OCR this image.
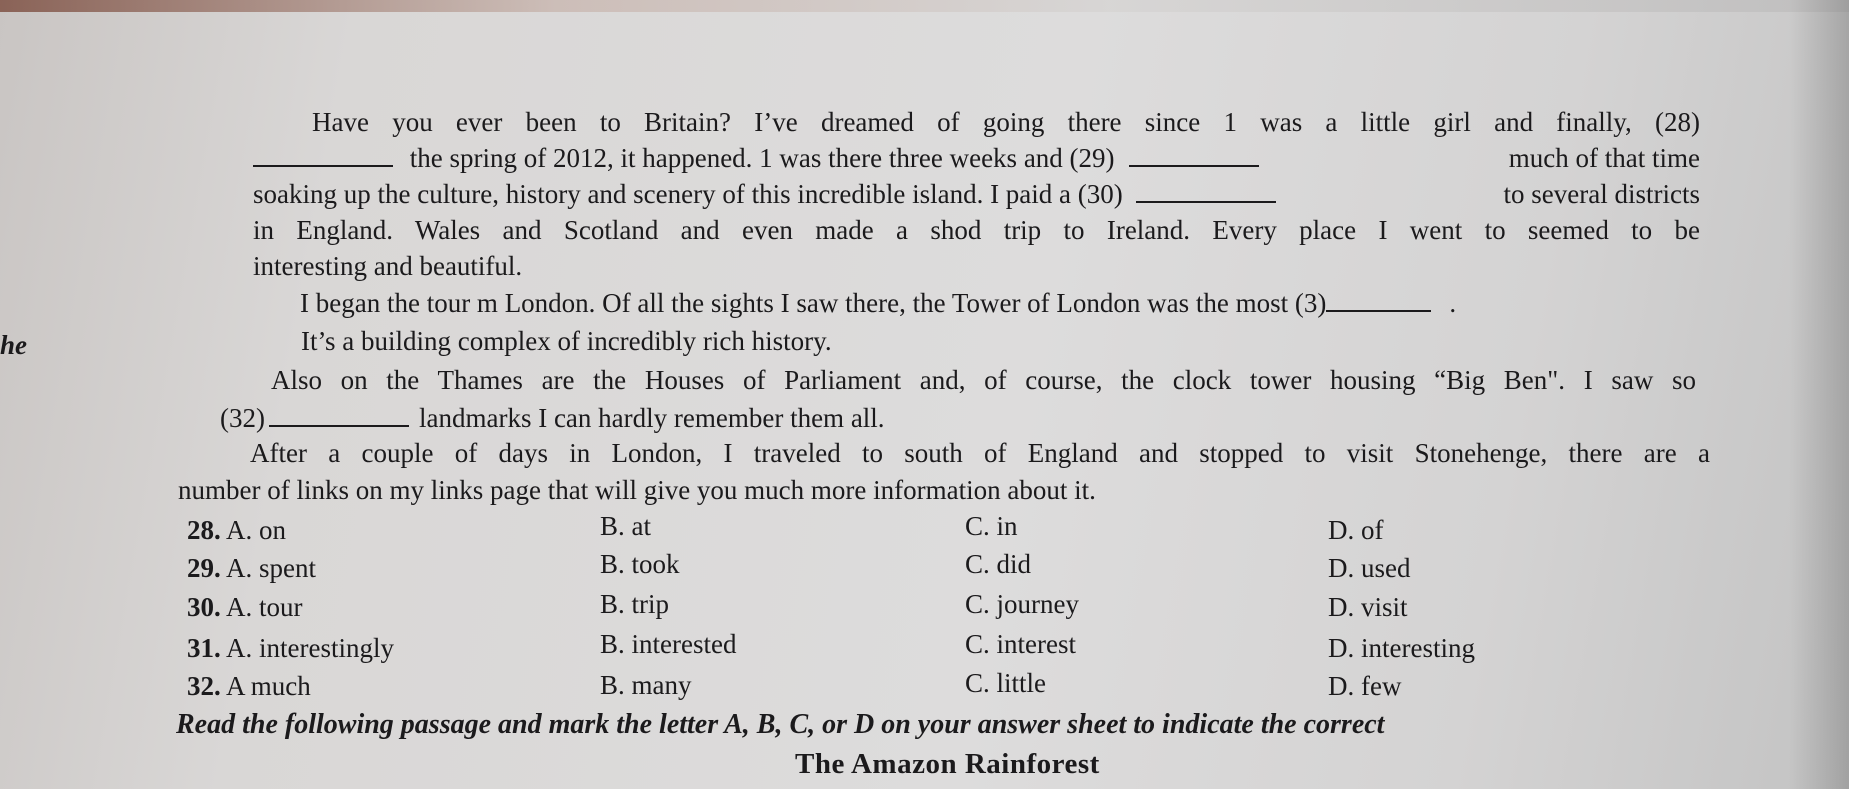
he
Have you ever been to Britain? I’ve dreamed of going there since 1 was a little girl and finally, (28)
the spring of 2012, it happened. 1 was there three weeks and (29)	much of that time
soaking up the culture, history and scenery of this incredible island. I paid a (30)	to several districts
in England. Wales and Scotland and even made a shod trip to Ireland. Every place I went to seemed to be
interesting and beautiful.
I began the tour m London. Of all the sights I saw there, the Tower of London was the most (3)	.
It’s a building complex of incredibly rich history.
Also on the Thames are the Houses of Parliament and, of course, the clock tower housing “Big Ben". I saw so
(32)	landmarks I can hardly remember them all.
After a couple of days in London, I traveled to south of England and stopped to visit Stonehenge, there are a
number of links on my links page that will give you much more information about it.
28. A. on	B. at	C. in	D. of
29. A. spent	B. took	C. did	D. used
30. A. tour	B. trip	C. journey	D. visit
31. A. interestingly	B. interested	C. interest	D. interesting
32. A much	B. many	C. little	D. few
Read the following passage and mark the letter A, B, C, or D on your answer sheet to indicate the correct
The Amazon Rainforest
